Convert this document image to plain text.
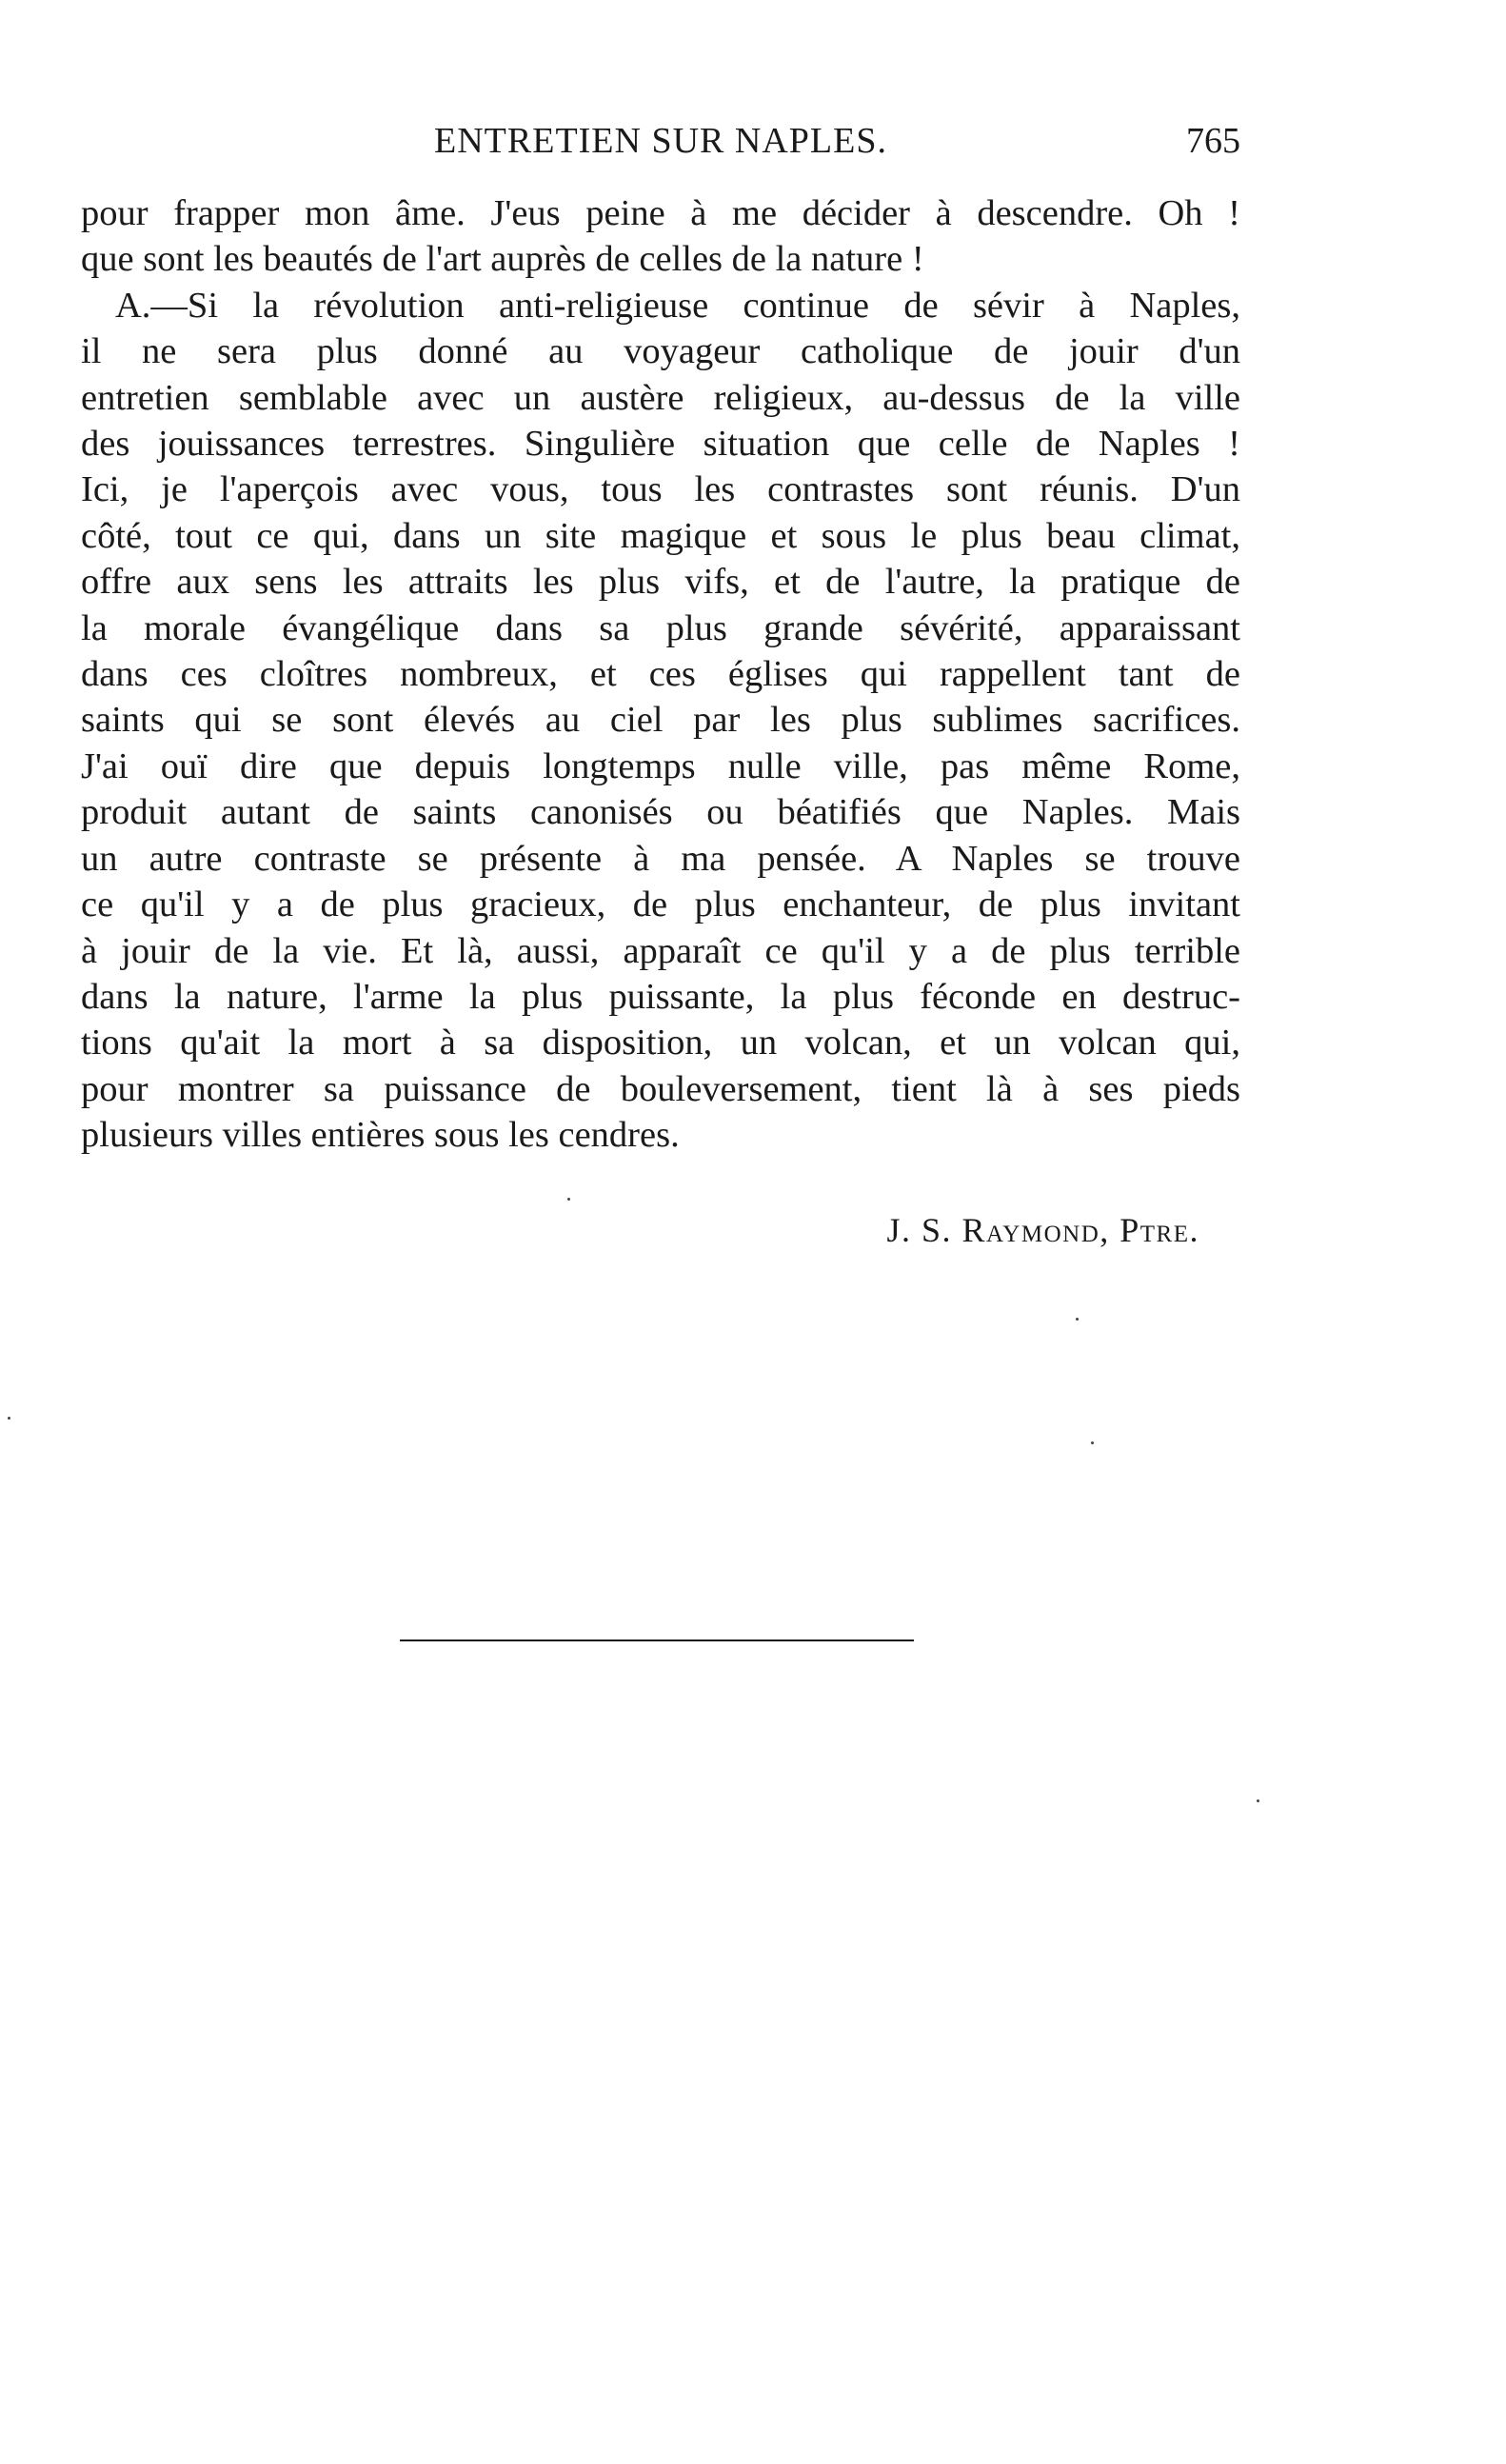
ENTRETIEN SUR NAPLES.	765
pour frapper mon âme. J'eus peine à me décider à descendre. Oh !
que sont les beautés de l'art auprès de celles de la nature !
A.—Si la révolution anti-religieuse continue de sévir à Naples,
il ne sera plus donné au voyageur catholique de jouir d'un
entretien semblable avec un austère religieux, au-dessus de la ville
des jouissances terrestres. Singulière situation que celle de Naples !
Ici, je l'aperçois avec vous, tous les contrastes sont réunis. D'un
côté, tout ce qui, dans un site magique et sous le plus beau climat,
offre aux sens les attraits les plus vifs, et de l'autre, la pratique de
la morale évangélique dans sa plus grande sévérité, apparaissant
dans ces cloîtres nombreux, et ces églises qui rappellent tant de
saints qui se sont élevés au ciel par les plus sublimes sacrifices.
J'ai ouï dire que depuis longtemps nulle ville, pas même Rome,
produit autant de saints canonisés ou béatifiés que Naples. Mais
un autre contraste se présente à ma pensée. A Naples se trouve
ce qu'il y a de plus gracieux, de plus enchanteur, de plus invitant
à jouir de la vie. Et là, aussi, apparaît ce qu'il y a de plus terrible
dans la nature, l'arme la plus puissante, la plus féconde en destruc-
tions qu'ait la mort à sa disposition, un volcan, et un volcan qui,
pour montrer sa puissance de bouleversement, tient là à ses pieds
plusieurs villes entières sous les cendres.
J. S. Raymond, Ptre.
